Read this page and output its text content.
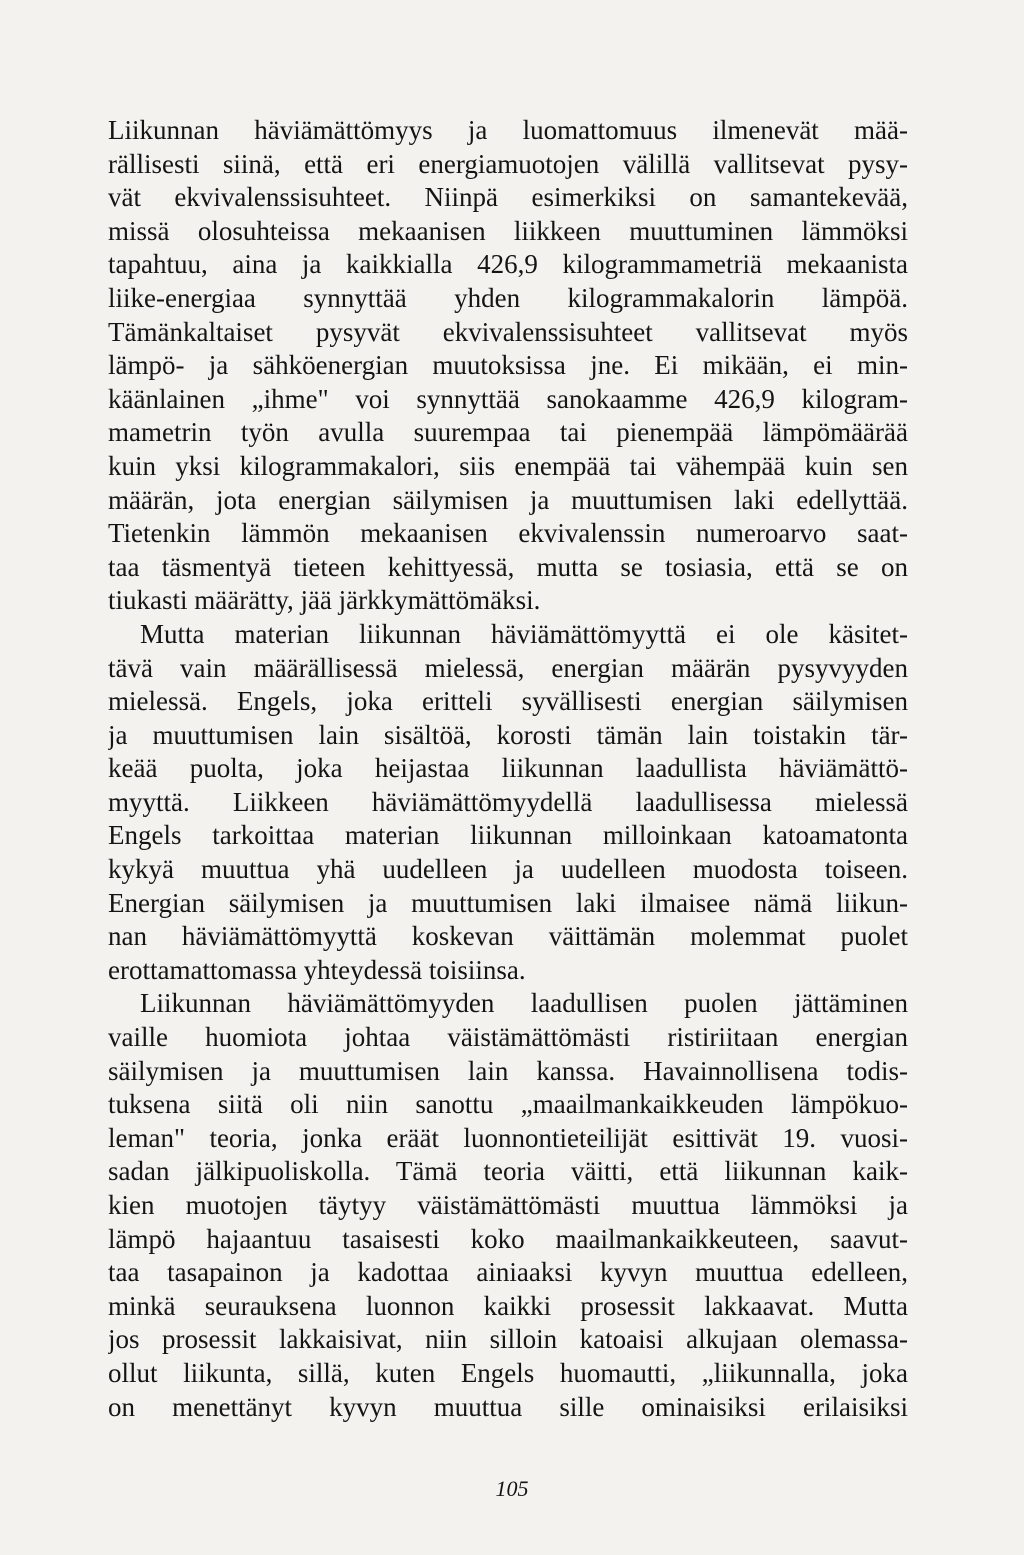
Liikunnan häviämättömyys ja luomattomuus ilmenevät mää-
rällisesti siinä, että eri energiamuotojen välillä vallitsevat pysy-
vät ekvivalenssisuhteet. Niinpä esimerkiksi on samantekevää,
missä olosuhteissa mekaanisen liikkeen muuttuminen lämmöksi
tapahtuu, aina ja kaikkialla 426,9 kilogrammametriä mekaanista
liike-energiaa synnyttää yhden kilogrammakalorin lämpöä.
Tämänkaltaiset pysyvät ekvivalenssisuhteet vallitsevat myös
lämpö- ja sähköenergian muutoksissa jne. Ei mikään, ei min-
käänlainen „ihme" voi synnyttää sanokaamme 426,9 kilogram-
mametrin työn avulla suurempaa tai pienempää lämpömäärää
kuin yksi kilogrammakalori, siis enempää tai vähempää kuin sen
määrän, jota energian säilymisen ja muuttumisen laki edellyttää.
Tietenkin lämmön mekaanisen ekvivalenssin numeroarvo saat-
taa täsmentyä tieteen kehittyessä, mutta se tosiasia, että se on
tiukasti määrätty, jää järkkymättömäksi.
Mutta materian liikunnan häviämättömyyttä ei ole käsitet-
tävä vain määrällisessä mielessä, energian määrän pysyvyyden
mielessä. Engels, joka eritteli syvällisesti energian säilymisen
ja muuttumisen lain sisältöä, korosti tämän lain toistakin tär-
keää puolta, joka heijastaa liikunnan laadullista häviämättö-
myyttä. Liikkeen häviämättömyydellä laadullisessa mielessä
Engels tarkoittaa materian liikunnan milloinkaan katoamatonta
kykyä muuttua yhä uudelleen ja uudelleen muodosta toiseen.
Energian säilymisen ja muuttumisen laki ilmaisee nämä liikun-
nan häviämättömyyttä koskevan väittämän molemmat puolet
erottamattomassa yhteydessä toisiinsa.
Liikunnan häviämättömyyden laadullisen puolen jättäminen
vaille huomiota johtaa väistämättömästi ristiriitaan energian
säilymisen ja muuttumisen lain kanssa. Havainnollisena todis-
tuksena siitä oli niin sanottu „maailmankaikkeuden lämpökuo-
leman" teoria, jonka eräät luonnontieteilijät esittivät 19. vuosi-
sadan jälkipuoliskolla. Tämä teoria väitti, että liikunnan kaik-
kien muotojen täytyy väistämättömästi muuttua lämmöksi ja
lämpö hajaantuu tasaisesti koko maailmankaikkeuteen, saavut-
taa tasapainon ja kadottaa ainiaaksi kyvyn muuttua edelleen,
minkä seurauksena luonnon kaikki prosessit lakkaavat. Mutta
jos prosessit lakkaisivat, niin silloin katoaisi alkujaan olemassa-
ollut liikunta, sillä, kuten Engels huomautti, „liikunnalla, joka
on menettänyt kyvyn muuttua sille ominaisiksi erilaisiksi
105
